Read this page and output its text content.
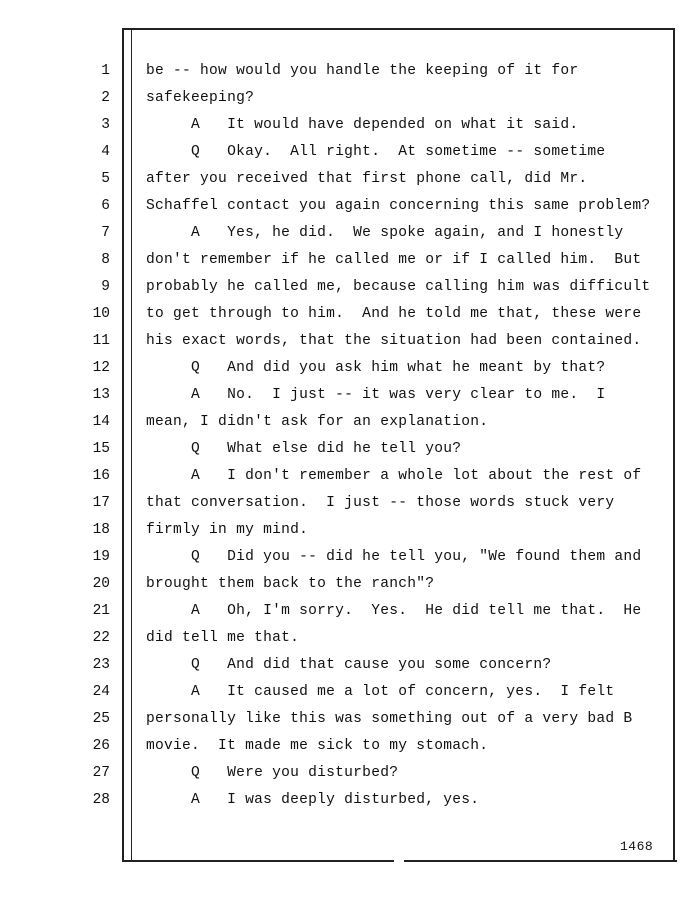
1
2
3
4
5
6
7
8
9
10
11
12
13
14
15
16
17
18
19
20
21
22
23
24
25
26
27
28
be -- how would you handle the keeping of it for
safekeeping?
A   It would have depended on what it said.
Q   Okay.  All right.  At sometime -- sometime
after you received that first phone call, did Mr.
Schaffel contact you again concerning this same problem?
A   Yes, he did.  We spoke again, and I honestly
don't remember if he called me or if I called him.  But
probably he called me, because calling him was difficult
to get through to him.  And he told me that, these were
his exact words, that the situation had been contained.
Q   And did you ask him what he meant by that?
A   No.  I just -- it was very clear to me.  I
mean, I didn't ask for an explanation.
Q   What else did he tell you?
A   I don't remember a whole lot about the rest of
that conversation.  I just -- those words stuck very
firmly in my mind.
Q   Did you -- did he tell you, "We found them and
brought them back to the ranch"?
A   Oh, I'm sorry.  Yes.  He did tell me that.  He
did tell me that.
Q   And did that cause you some concern?
A   It caused me a lot of concern, yes.  I felt
personally like this was something out of a very bad B
movie.  It made me sick to my stomach.
Q   Were you disturbed?
A   I was deeply disturbed, yes.
1468
